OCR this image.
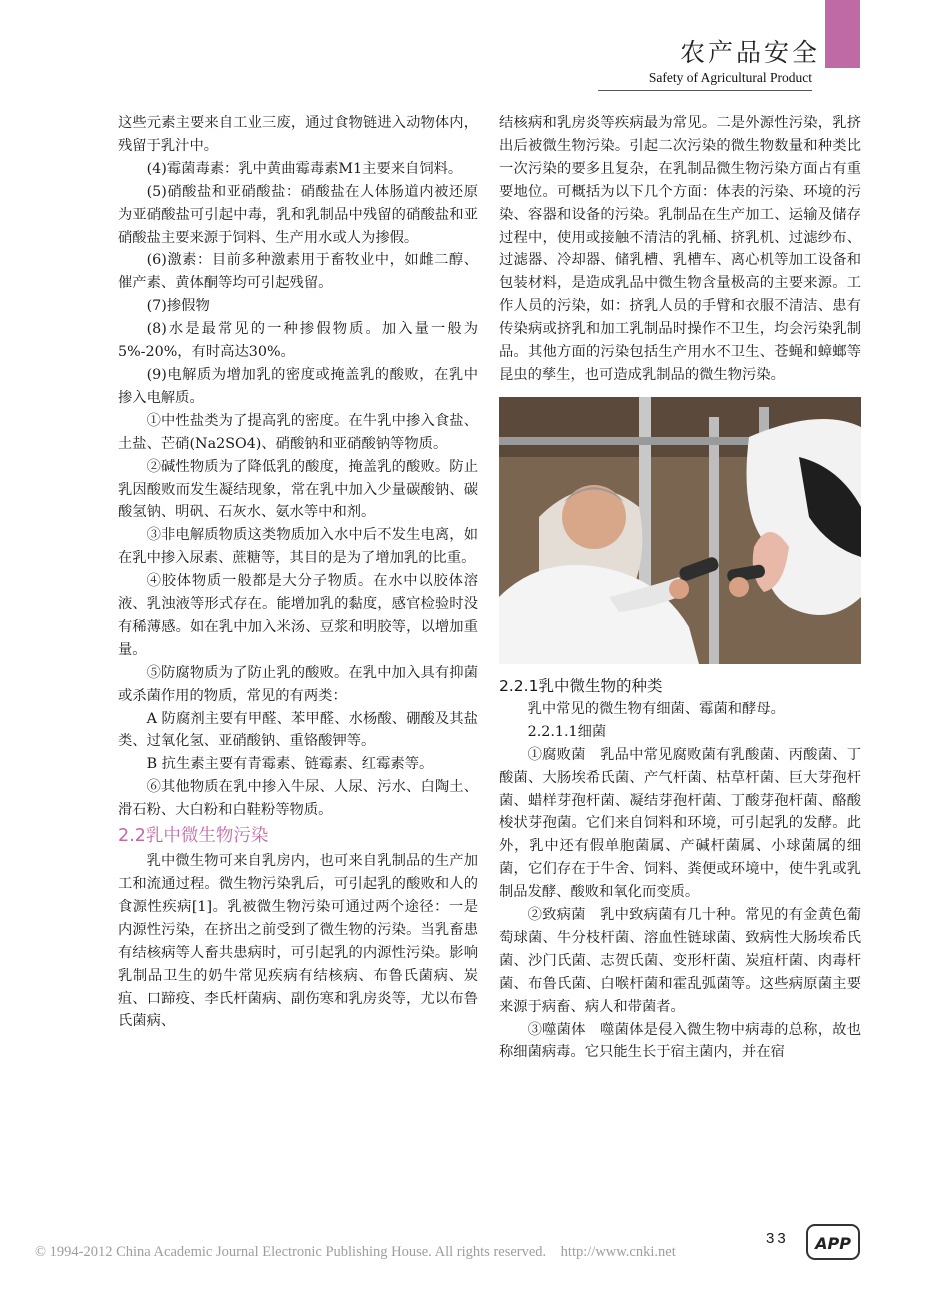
农产品安全
Safety of Agricultural Product

这些元素主要来自工业三废，通过食物链进入动物体内，残留于乳汁中。

(4)霉菌毒素：乳中黄曲霉毒素M1主要来自饲料。

(5)硝酸盐和亚硝酸盐：硝酸盐在人体肠道内被还原为亚硝酸盐可引起中毒，乳和乳制品中残留的硝酸盐和亚硝酸盐主要来源于饲料、生产用水或人为掺假。

(6)激素：目前多种激素用于畜牧业中，如雌二醇、催产素、黄体酮等均可引起残留。

(7)掺假物

(8)水是最常见的一种掺假物质。加入量一般为5%-20%，有时高达30%。

(9)电解质为增加乳的密度或掩盖乳的酸败，在乳中掺入电解质。

①中性盐类为了提高乳的密度。在牛乳中掺入食盐、土盐、芒硝(Na2SO4)、硝酸钠和亚硝酸钠等物质。

②碱性物质为了降低乳的酸度，掩盖乳的酸败。防止乳因酸败而发生凝结现象，常在乳中加入少量碳酸钠、碳酸氢钠、明矾、石灰水、氨水等中和剂。

③非电解质物质这类物质加入水中后不发生电离，如在乳中掺入尿素、蔗糖等，其目的是为了增加乳的比重。

④胶体物质一般都是大分子物质。在水中以胶体溶液、乳浊液等形式存在。能增加乳的黏度，感官检验时没有稀薄感。如在乳中加入米汤、豆浆和明胶等，以增加重量。

⑤防腐物质为了防止乳的酸败。在乳中加入具有抑菌或杀菌作用的物质，常见的有两类：

A 防腐剂主要有甲醛、苯甲醛、水杨酸、硼酸及其盐类、过氧化氢、亚硝酸钠、重铬酸钾等。

B 抗生素主要有青霉素、链霉素、红霉素等。

⑥其他物质在乳中掺入牛尿、人尿、污水、白陶土、滑石粉、大白粉和白鞋粉等物质。

2.2乳中微生物污染

乳中微生物可来自乳房内，也可来自乳制品的生产加工和流通过程。微生物污染乳后，可引起乳的酸败和人的食源性疾病[1]。乳被微生物污染可通过两个途径：一是内源性污染，在挤出之前受到了微生物的污染。当乳畜患有结核病等人畜共患病时，可引起乳的内源性污染。影响乳制品卫生的奶牛常见疾病有结核病、布鲁氏菌病、炭疽、口蹄疫、李氏杆菌病、副伤寒和乳房炎等，尤以布鲁氏菌病、

结核病和乳房炎等疾病最为常见。二是外源性污染，乳挤出后被微生物污染。引起二次污染的微生物数量和种类比一次污染的要多且复杂，在乳制品微生物污染方面占有重要地位。可概括为以下几个方面：体表的污染、环境的污染、容器和设备的污染。乳制品在生产加工、运输及储存过程中，使用或接触不清洁的乳桶、挤乳机、过滤纱布、过滤器、冷却器、储乳槽、乳槽车、离心机等加工设备和包装材料，是造成乳品中微生物含量极高的主要来源。工作人员的污染，如：挤乳人员的手臂和衣服不清洁、患有传染病或挤乳和加工乳制品时操作不卫生，均会污染乳制品。其他方面的污染包括生产用水不卫生、苍蝇和蟑螂等昆虫的孳生，也可造成乳制品的微生物污染。

2.2.1乳中微生物的种类

乳中常见的微生物有细菌、霉菌和酵母。

2.2.1.1细菌

①腐败菌　乳品中常见腐败菌有乳酸菌、丙酸菌、丁酸菌、大肠埃希氏菌、产气杆菌、枯草杆菌、巨大芽孢杆菌、蜡样芽孢杆菌、凝结芽孢杆菌、丁酸芽孢杆菌、酪酸梭状芽孢菌。它们来自饲料和环境，可引起乳的发酵。此外，乳中还有假单胞菌属、产碱杆菌属、小球菌属的细菌，它们存在于牛舍、饲料、粪便或环境中，使牛乳或乳制品发酵、酸败和氧化而变质。

②致病菌　乳中致病菌有几十种。常见的有金黄色葡萄球菌、牛分枝杆菌、溶血性链球菌、致病性大肠埃希氏菌、沙门氏菌、志贺氏菌、变形杆菌、炭疽杆菌、肉毒杆菌、布鲁氏菌、白喉杆菌和霍乱弧菌等。这些病原菌主要来源于病畜、病人和带菌者。

③噬菌体　噬菌体是侵入微生物中病毒的总称，故也称细菌病毒。它只能生长于宿主菌内，并在宿

33 APP
© 1994-2012 China Academic Journal Electronic Publishing House. All rights reserved.    http://www.cnki.net
